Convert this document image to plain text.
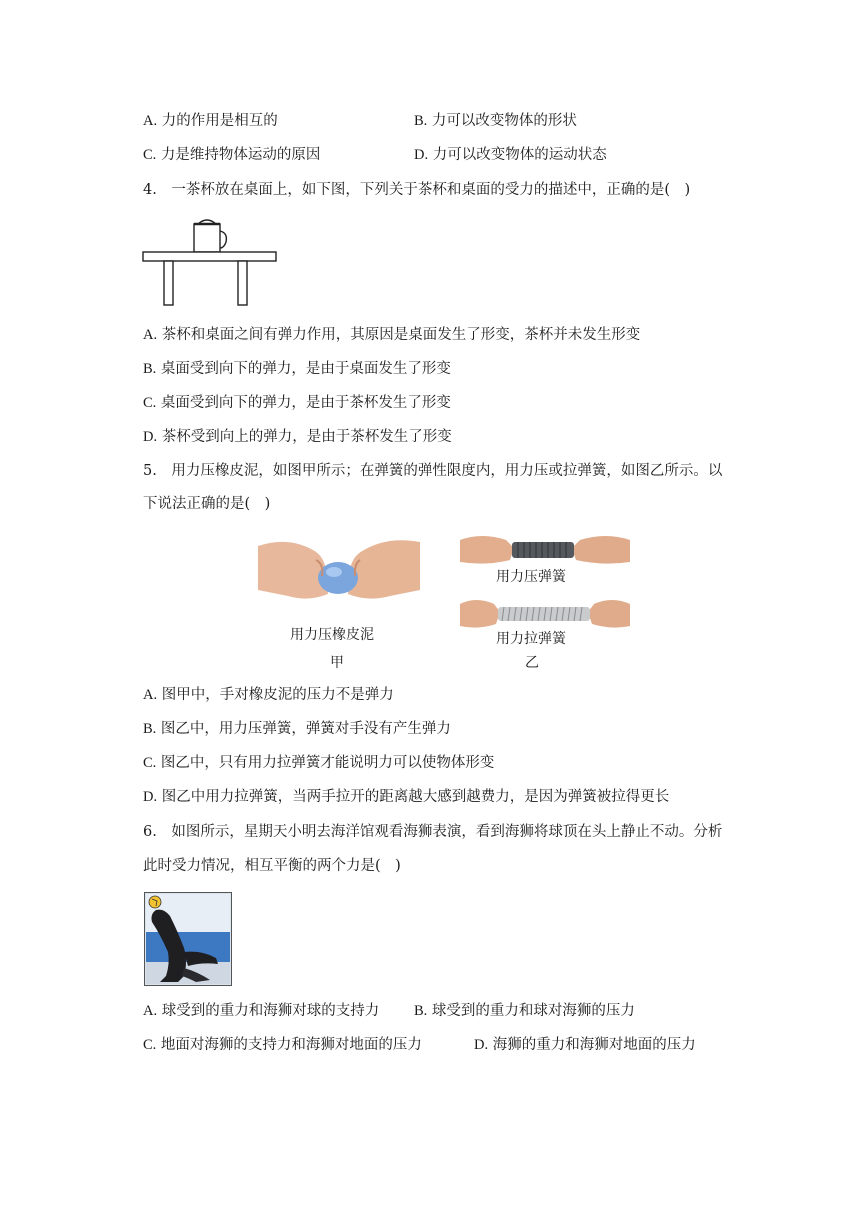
A. 力的作用是相互的	B. 力可以改变物体的形状
C. 力是维持物体运动的原因	D. 力可以改变物体的运动状态
4.　一茶杯放在桌面上，如下图，下列关于茶杯和桌面的受力的描述中，正确的是(　)
A. 茶杯和桌面之间有弹力作用，其原因是桌面发生了形变，茶杯并未发生形变
B. 桌面受到向下的弹力，是由于桌面发生了形变
C. 桌面受到向下的弹力，是由于茶杯发生了形变
D. 茶杯受到向上的弹力，是由于茶杯发生了形变
5.　用力压橡皮泥，如图甲所示；在弹簧的弹性限度内，用力压或拉弹簧，如图乙所示。以
下说法正确的是(　)
用力压橡皮泥
甲
用力压弹簧
用力拉弹簧
乙
A. 图甲中，手对橡皮泥的压力不是弹力
B. 图乙中，用力压弹簧，弹簧对手没有产生弹力
C. 图乙中，只有用力拉弹簧才能说明力可以使物体形变
D. 图乙中用力拉弹簧，当两手拉开的距离越大感到越费力，是因为弹簧被拉得更长
6.　如图所示，星期天小明去海洋馆观看海狮表演，看到海狮将球顶在头上静止不动。分析
此时受力情况，相互平衡的两个力是(　)
A. 球受到的重力和海狮对球的支持力 B. 球受到的重力和球对海狮的压力
C. 地面对海狮的支持力和海狮对地面的压力	D. 海狮的重力和海狮对地面的压力
